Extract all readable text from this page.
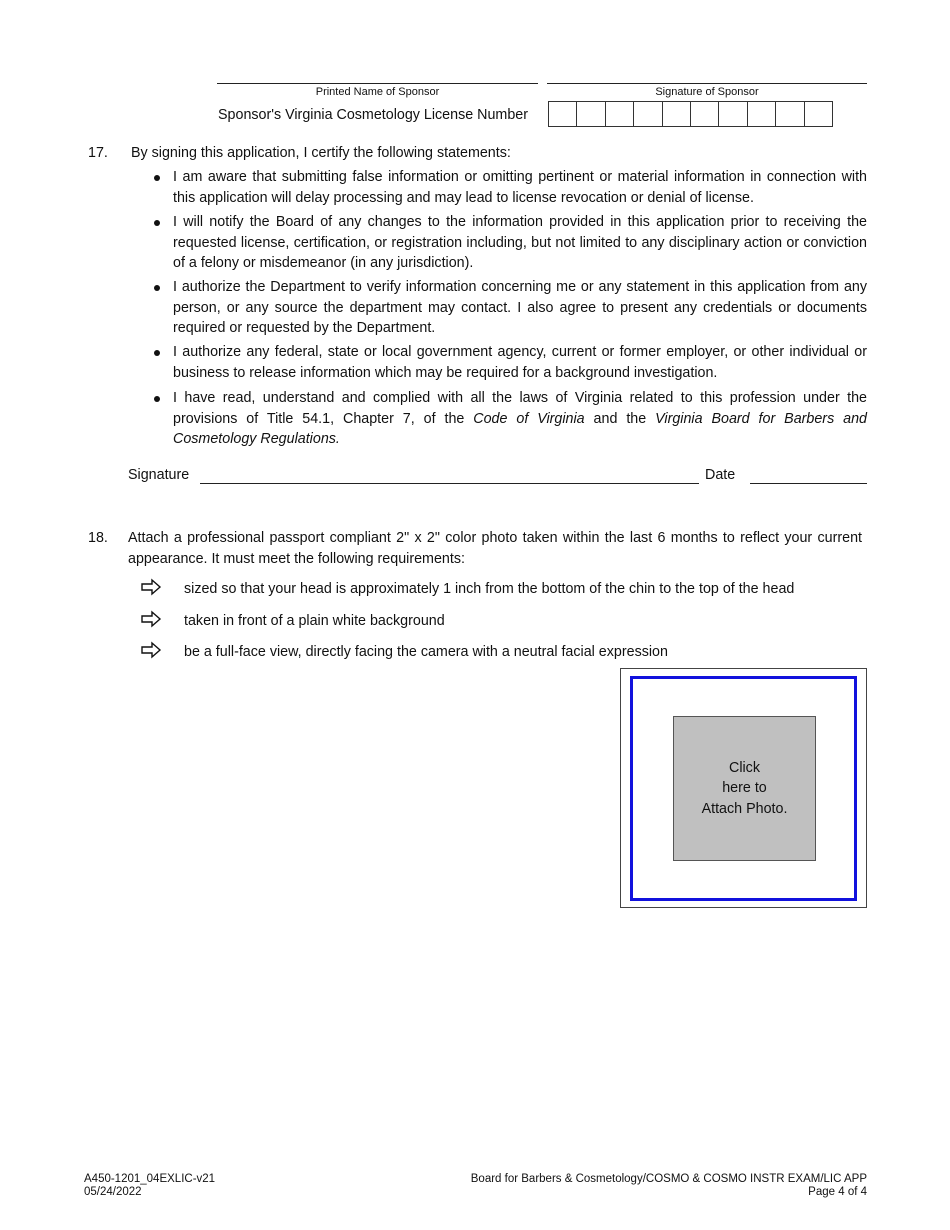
Printed Name of Sponsor	Signature of Sponsor
Sponsor's Virginia Cosmetology License Number
17. By signing this application, I certify the following statements:
I am aware that submitting false information or omitting pertinent or material information in connection with this application will delay processing and may lead to license revocation or denial of license.
I will notify the Board of any changes to the information provided in this application prior to receiving the requested license, certification, or registration including, but not limited to any disciplinary action or conviction of a felony or misdemeanor (in any jurisdiction).
I authorize the Department to verify information concerning me or any statement in this application from any person, or any source the department may contact. I also agree to present any credentials or documents required or requested by the Department.
I authorize any federal, state or local government agency, current or former employer, or other individual or business to release information which may be required for a background investigation.
I have read, understand and complied with all the laws of Virginia related to this profession under the provisions of Title 54.1, Chapter 7, of the Code of Virginia and the Virginia Board for Barbers and Cosmetology Regulations.
Signature	Date
18. Attach a professional passport compliant 2" x 2" color photo taken within the last 6 months to reflect your current appearance. It must meet the following requirements:
sized so that your head is approximately 1 inch from the bottom of the chin to the top of the head
taken in front of a plain white background
be a full-face view, directly facing the camera with a neutral facial expression
Click
here to
Attach Photo.
A450-1201_04EXLIC-v21
05/24/2022
Board for Barbers & Cosmetology/COSMO & COSMO INSTR EXAM/LIC APP
Page 4 of 4
